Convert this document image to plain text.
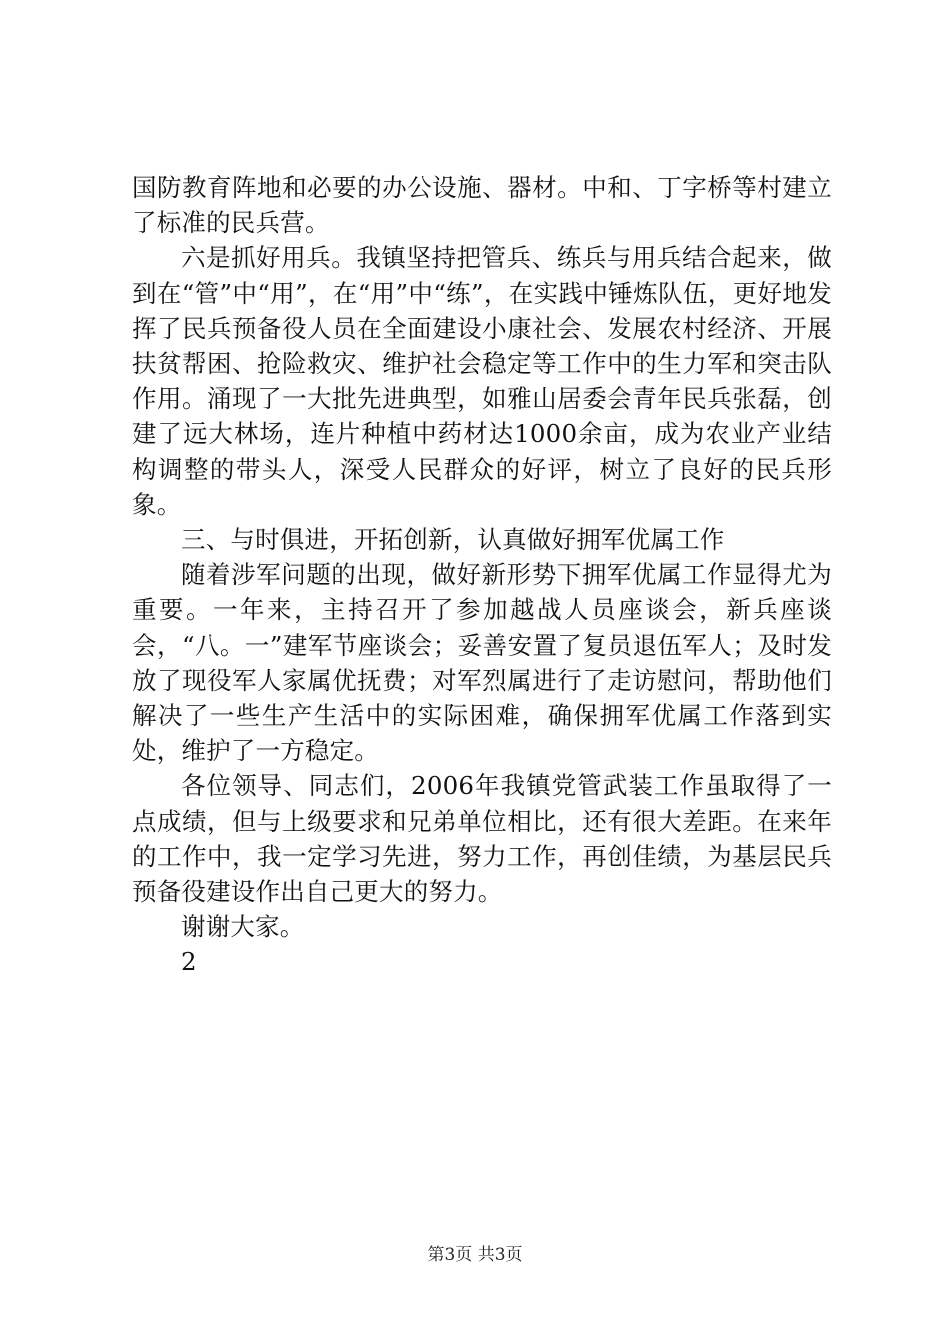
国防教育阵地和必要的办公设施、器材。中和、丁字桥等村建立了标准的民兵营。

六是抓好用兵。我镇坚持把管兵、练兵与用兵结合起来，做到在“管”中“用”，在“用”中“练”，在实践中锤炼队伍，更好地发挥了民兵预备役人员在全面建设小康社会、发展农村经济、开展扶贫帮困、抢险救灾、维护社会稳定等工作中的生力军和突击队作用。涌现了一大批先进典型，如雅山居委会青年民兵张磊，创建了远大林场，连片种植中药材达1000余亩，成为农业产业结构调整的带头人，深受人民群众的好评，树立了良好的民兵形象。

三、与时俱进，开拓创新，认真做好拥军优属工作

随着涉军问题的出现，做好新形势下拥军优属工作显得尤为重要。一年来，主持召开了参加越战人员座谈会，新兵座谈会，“八。一”建军节座谈会；妥善安置了复员退伍军人；及时发放了现役军人家属优抚费；对军烈属进行了走访慰问，帮助他们解决了一些生产生活中的实际困难，确保拥军优属工作落到实处，维护了一方稳定。

各位领导、同志们，2006年我镇党管武装工作虽取得了一点成绩，但与上级要求和兄弟单位相比，还有很大差距。在来年的工作中，我一定学习先进，努力工作，再创佳绩，为基层民兵预备役建设作出自己更大的努力。

谢谢大家。

2

第3页 共3页
